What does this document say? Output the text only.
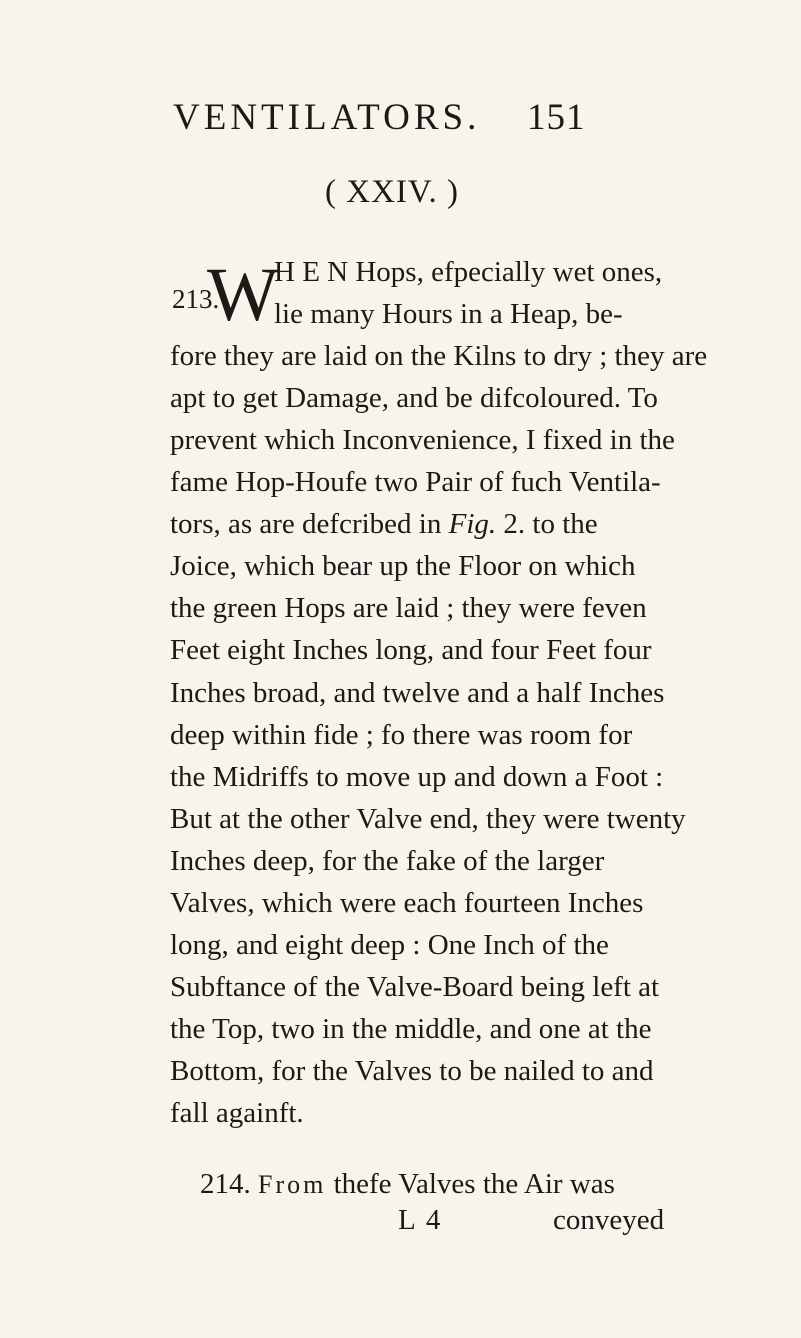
VENTILATORS. 151
( XXIV. )
213.
W
H E N Hops, efpecially wet ones,
lie many Hours in a Heap, be-
fore they are laid on the Kilns to dry ; they are
apt to get Damage, and be difcoloured. To
prevent which Inconvenience, I fixed in the
fame Hop-Houfe two Pair of fuch Ventila-
tors, as are defcribed in Fig. 2. to the
Joice, which bear up the Floor on which
the green Hops are laid ; they were feven
Feet eight Inches long, and four Feet four
Inches broad, and twelve and a half Inches
deep within fide ; fo there was room for
the Midriffs to move up and down a Foot :
But at the other Valve end, they were twenty
Inches deep, for the fake of the larger
Valves, which were each fourteen Inches
long, and eight deep : One Inch of the
Subftance of the Valve-Board being left at
the Top, two in the middle, and one at the
Bottom, for the Valves to be nailed to and
fall againft.
214. From thefe Valves the Air was
L 4	conveyed
